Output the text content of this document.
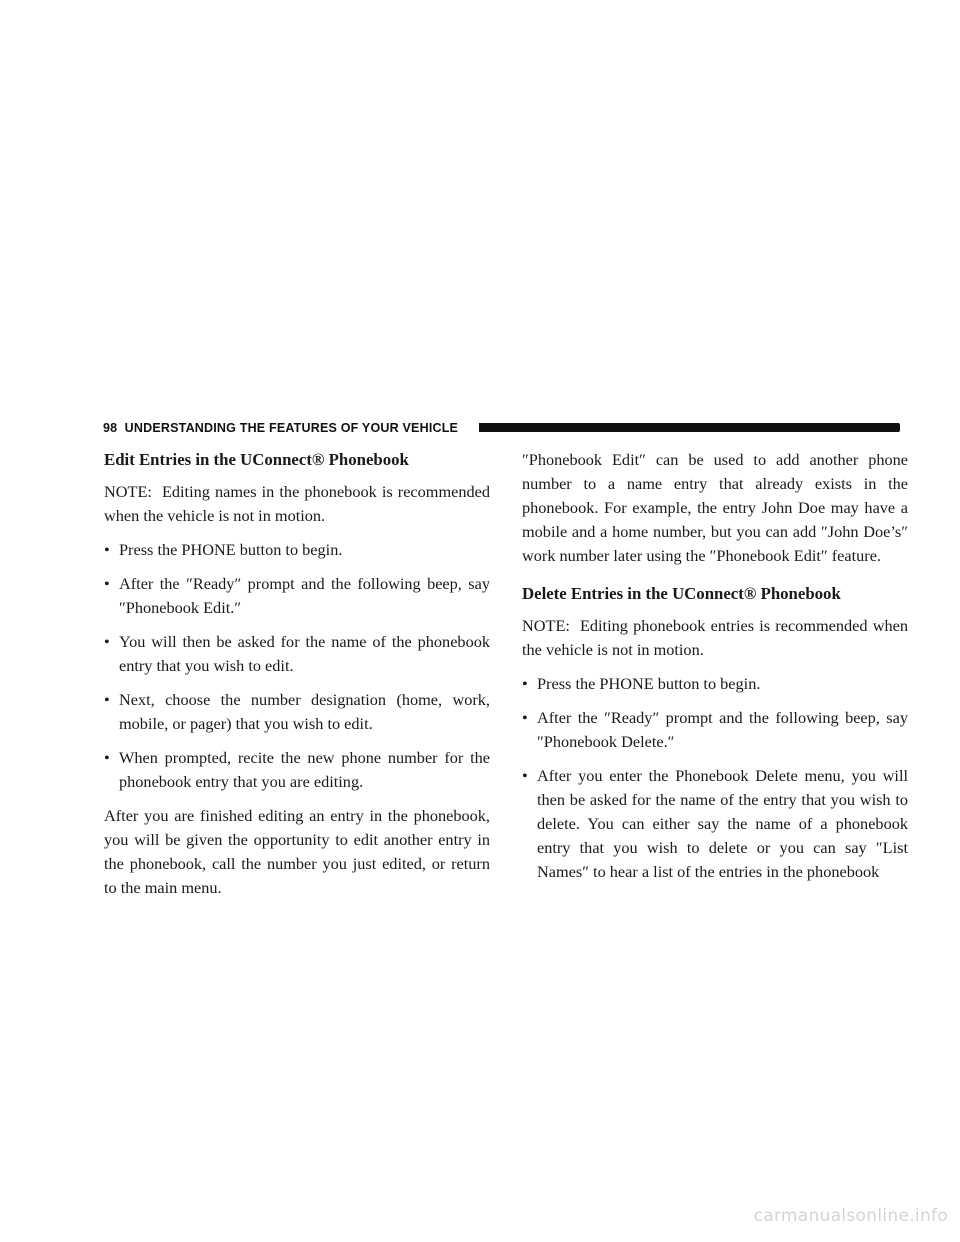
98 UNDERSTANDING THE FEATURES OF YOUR VEHICLE
Edit Entries in the UConnect® Phonebook

NOTE: Editing names in the phonebook is recommended when the vehicle is not in motion.

• Press the PHONE button to begin.
• After the ″Ready″ prompt and the following beep, say ″Phonebook Edit.″
• You will then be asked for the name of the phonebook entry that you wish to edit.
• Next, choose the number designation (home, work, mobile, or pager) that you wish to edit.
• When prompted, recite the new phone number for the phonebook entry that you are editing.

After you are finished editing an entry in the phonebook, you will be given the opportunity to edit another entry in the phonebook, call the number you just edited, or return to the main menu.

″Phonebook Edit″ can be used to add another phone number to a name entry that already exists in the phonebook. For example, the entry John Doe may have a mobile and a home number, but you can add ″John Doe’s″ work number later using the ″Phonebook Edit″ feature.

Delete Entries in the UConnect® Phonebook

NOTE: Editing phonebook entries is recommended when the vehicle is not in motion.

• Press the PHONE button to begin.
• After the ″Ready″ prompt and the following beep, say ″Phonebook Delete.″
• After you enter the Phonebook Delete menu, you will then be asked for the name of the entry that you wish to delete. You can either say the name of a phonebook entry that you wish to delete or you can say ″List Names″ to hear a list of the entries in the phonebook
carmanualsonline.info
